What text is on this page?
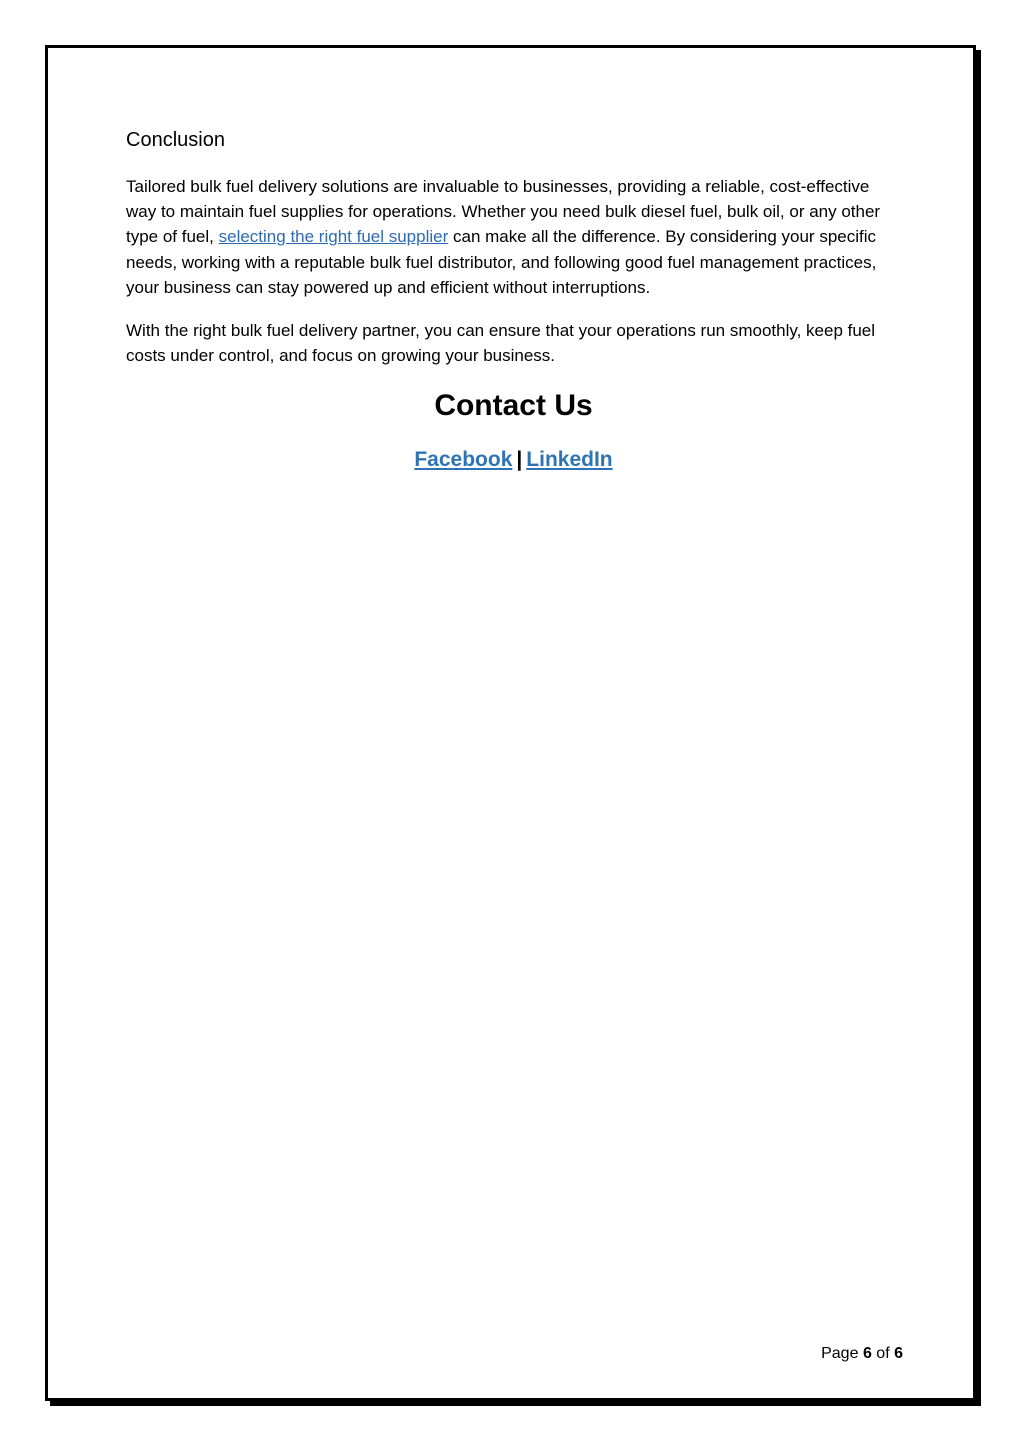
Conclusion

Tailored bulk fuel delivery solutions are invaluable to businesses, providing a reliable, cost-effective way to maintain fuel supplies for operations. Whether you need bulk diesel fuel, bulk oil, or any other type of fuel, selecting the right fuel supplier can make all the difference. By considering your specific needs, working with a reputable bulk fuel distributor, and following good fuel management practices, your business can stay powered up and efficient without interruptions.

With the right bulk fuel delivery partner, you can ensure that your operations run smoothly, keep fuel costs under control, and focus on growing your business.

Contact Us
Facebook | LinkedIn
Page 6 of 6
